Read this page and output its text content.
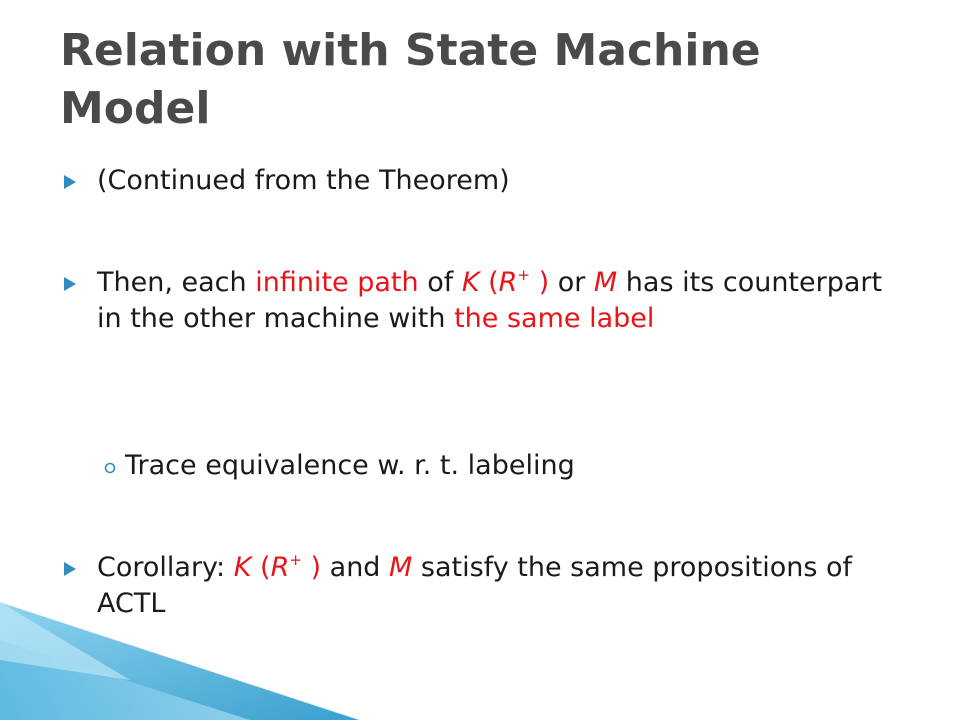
Relation with State Machine Model
(Continued from the Theorem)
Then, each infinite path of K (R+ ) or M has its counterpart in the other machine with the same label
Trace equivalence w. r. t. labeling
Corollary: K (R+ ) and M satisfy the same propositions of ACTL
